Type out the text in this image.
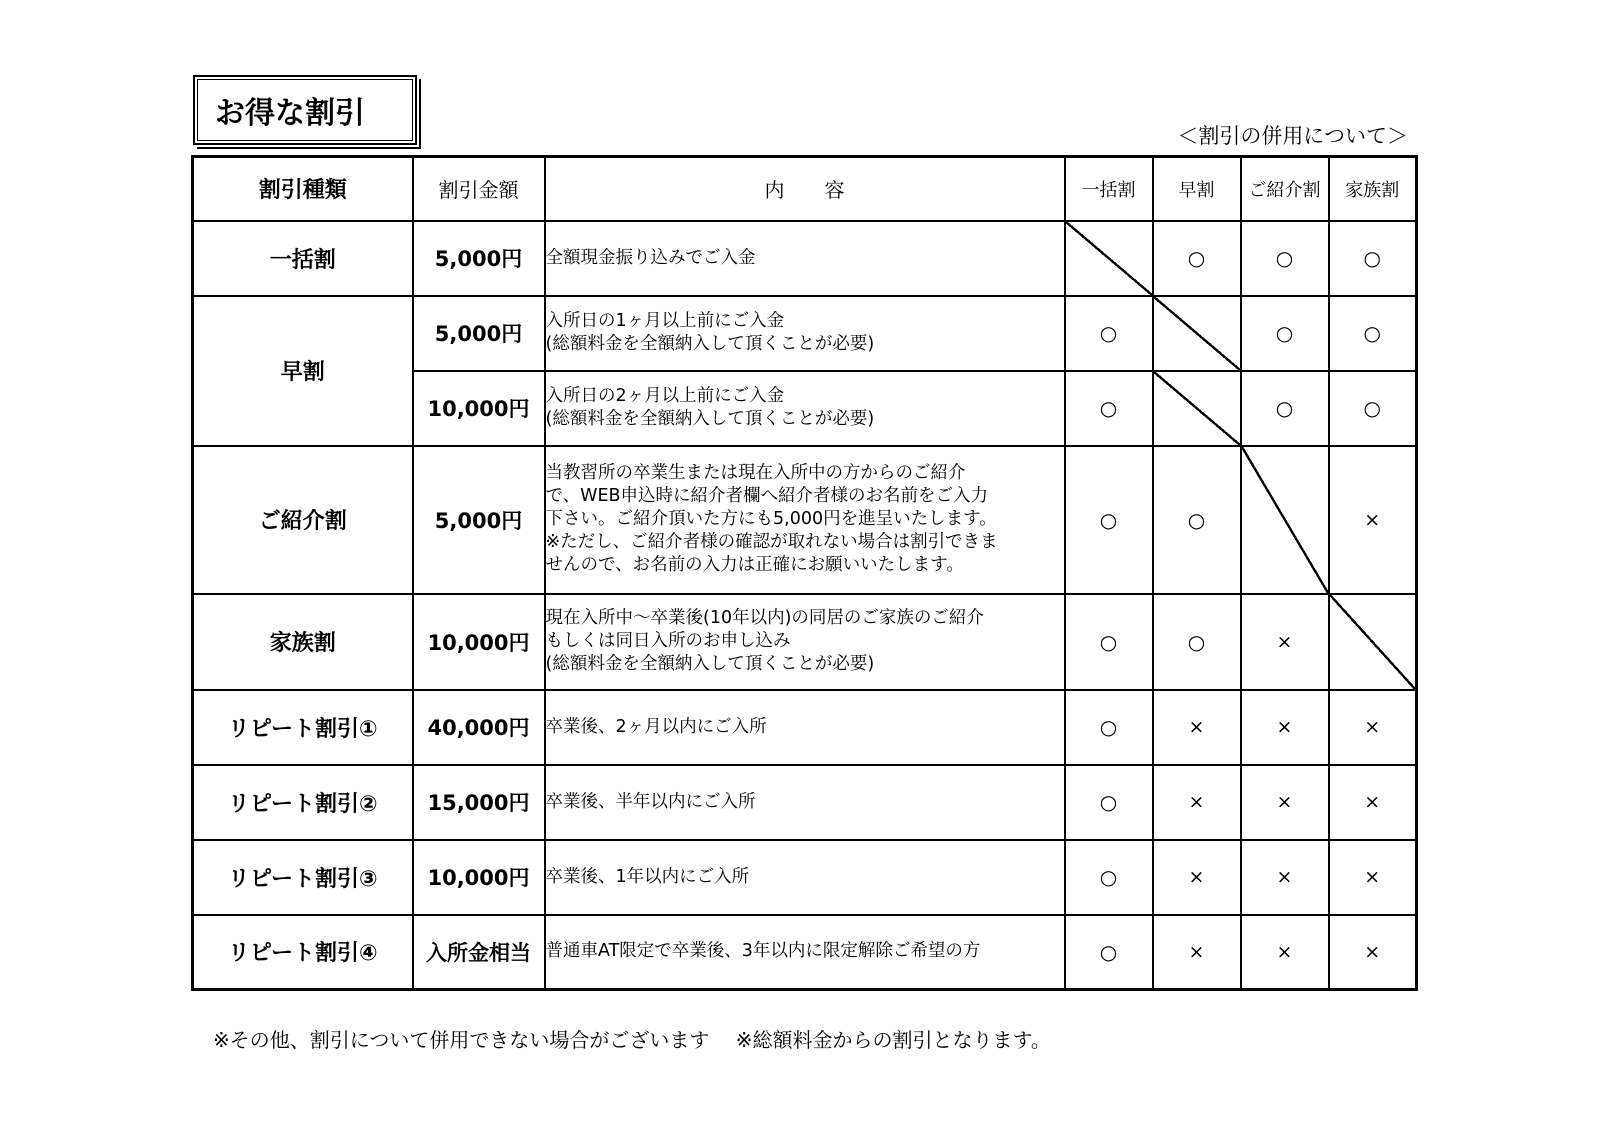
お得な割引
＜割引の併用について＞
割引種類	割引金額	内　　容	一括割	早割	ご紹介割	家族割
一括割	5,000円	全額現金振り込みでご入金		○	○	○
早割	5,000円	入所日の1ヶ月以上前にご入金
(総額料金を全額納入して頂くことが必要)	○		○	○
	10,000円	入所日の2ヶ月以上前にご入金
(総額料金を全額納入して頂くことが必要)	○		○	○
ご紹介割	5,000円	当教習所の卒業生または現在入所中の方からのご紹介
で、WEB申込時に紹介者欄へ紹介者様のお名前をご入力
下さい。ご紹介頂いた方にも5,000円を進呈いたします。
※ただし、ご紹介者様の確認が取れない場合は割引できま
せんので、お名前の入力は正確にお願いいたします。	○	○		×
家族割	10,000円	現在入所中～卒業後(10年以内)の同居のご家族のご紹介
もしくは同日入所のお申し込み
(総額料金を全額納入して頂くことが必要)	○	○	×	
リピート割引①	40,000円	卒業後、2ヶ月以内にご入所	○	×	×	×
リピート割引②	15,000円	卒業後、半年以内にご入所	○	×	×	×
リピート割引③	10,000円	卒業後、1年以内にご入所	○	×	×	×
リピート割引④	入所金相当	普通車AT限定で卒業後、3年以内に限定解除ご希望の方	○	×	×	×
※その他、割引について併用できない場合がございます ※総額料金からの割引となります。
